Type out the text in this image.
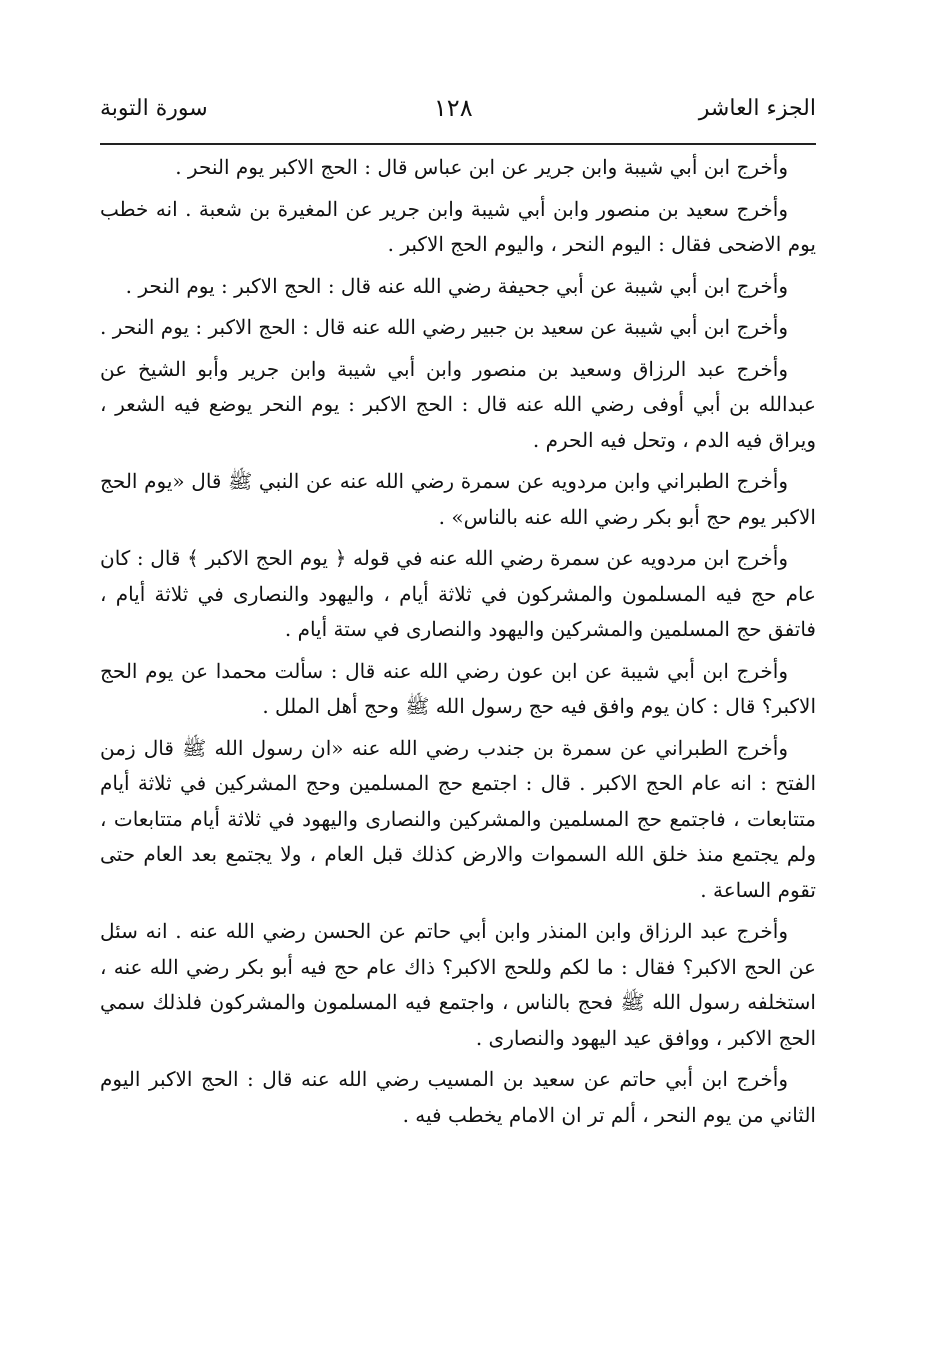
الجزء العاشر
١٢٨
سورة التوبة

وأخرج ابن أبي شيبة وابن جرير عن ابن عباس قال : الحج الاكبر يوم النحر .

وأخرج سعيد بن منصور وابن أبي شيبة وابن جرير عن المغيرة بن شعبة . انه خطب يوم الاضحى فقال : اليوم النحر ، واليوم الحج الاكبر .

وأخرج ابن أبي شيبة عن أبي جحيفة رضي الله عنه قال : الحج الاكبر : يوم النحر .

وأخرج ابن أبي شيبة عن سعيد بن جبير رضي الله عنه قال : الحج الاكبر : يوم النحر .

وأخرج عبد الرزاق وسعيد بن منصور وابن أبي شيبة وابن جرير وأبو الشيخ عن عبدالله بن أبي أوفى رضي الله عنه قال : الحج الاكبر : يوم النحر يوضع فيه الشعر ، ويراق فيه الدم ، وتحل فيه الحرم .

وأخرج الطبراني وابن مردويه عن سمرة رضي الله عنه عن النبي ﷺ قال «يوم الحج الاكبر يوم حج أبو بكر رضي الله عنه بالناس» .

وأخرج ابن مردويه عن سمرة رضي الله عنه في قوله ﴿ يوم الحج الاكبر ﴾ قال : كان عام حج فيه المسلمون والمشركون في ثلاثة أيام ، واليهود والنصارى في ثلاثة أيام ، فاتفق حج المسلمين والمشركين واليهود والنصارى في ستة أيام .

وأخرج ابن أبي شيبة عن ابن عون رضي الله عنه قال : سألت محمدا عن يوم الحج الاكبر؟ قال : كان يوم وافق فيه حج رسول الله ﷺ وحج أهل الملل .

وأخرج الطبراني عن سمرة بن جندب رضي الله عنه «ان رسول الله ﷺ قال زمن الفتح : انه عام الحج الاكبر . قال : اجتمع حج المسلمين وحج المشركين في ثلاثة أيام متتابعات ، فاجتمع حج المسلمين والمشركين والنصارى واليهود في ثلاثة أيام متتابعات ، ولم يجتمع منذ خلق الله السموات والارض كذلك قبل العام ، ولا يجتمع بعد العام حتى تقوم الساعة .

وأخرج عبد الرزاق وابن المنذر وابن أبي حاتم عن الحسن رضي الله عنه . انه سئل عن الحج الاكبر؟ فقال : ما لكم وللحج الاكبر؟ ذاك عام حج فيه أبو بكر رضي الله عنه ، استخلفه رسول الله ﷺ فحج بالناس ، واجتمع فيه المسلمون والمشركون فلذلك سمي الحج الاكبر ، ووافق عيد اليهود والنصارى .

وأخرج ابن أبي حاتم عن سعيد بن المسيب رضي الله عنه قال : الحج الاكبر اليوم الثاني من يوم النحر ، ألم تر ان الامام يخطب فيه .
